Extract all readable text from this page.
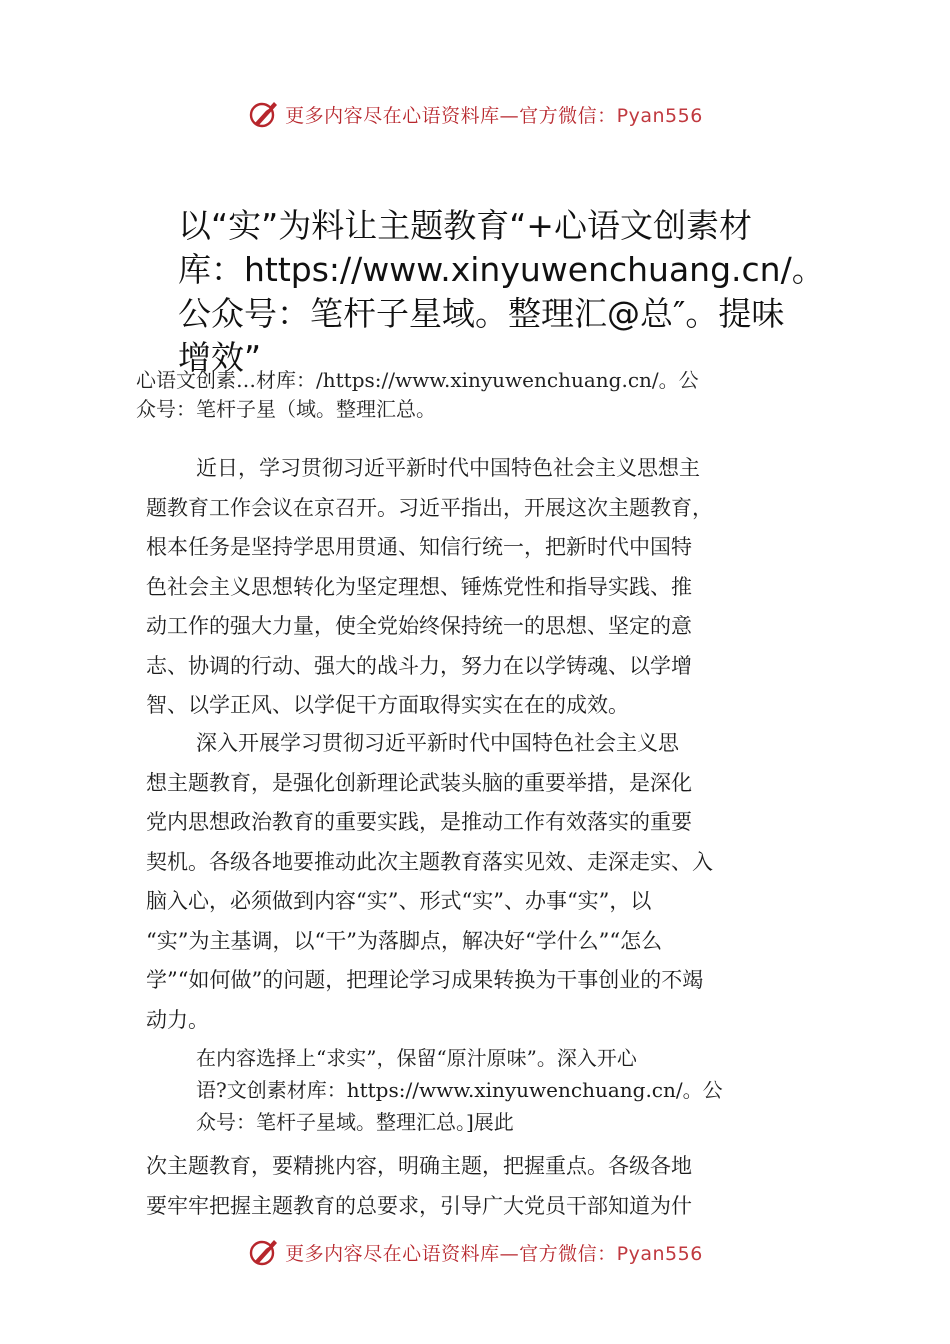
更多内容尽在心语资料库—官方微信：Pyan556
以“实”为料让主题教育“+心语文创素材
库：https://www.xinyuwenchuang.cn/。
公众号：笔杆子星域。整理汇@总″。提味
增效”

心语文创素…材库：/https://www.xinyuwenchuang.cn/。公
众号：笔杆子星（域。整理汇总。

近日，学习贯彻习近平新时代中国特色社会主义思想主
题教育工作会议在京召开。习近平指出，开展这次主题教育，
根本任务是坚持学思用贯通、知信行统一，把新时代中国特
色社会主义思想转化为坚定理想、锤炼党性和指导实践、推
动工作的强大力量，使全党始终保持统一的思想、坚定的意
志、协调的行动、强大的战斗力，努力在以学铸魂、以学增
智、以学正风、以学促干方面取得实实在在的成效。

深入开展学习贯彻习近平新时代中国特色社会主义思
想主题教育，是强化创新理论武装头脑的重要举措，是深化
党内思想政治教育的重要实践，是推动工作有效落实的重要
契机。各级各地要推动此次主题教育落实见效、走深走实、入
脑入心，必须做到内容“实”、形式“实”、办事“实”，以
“实”为主基调，以“干”为落脚点，解决好“学什么”“怎么
学”“如何做”的问题，把理论学习成果转换为干事创业的不竭
动力。

在内容选择上“求实”，保留“原汁原味”。深入开心
语?文创素材库：https://www.xinyuwenchuang.cn/。公
众号：笔杆子星域。整理汇总。]展此

次主题教育，要精挑内容，明确主题，把握重点。各级各地
要牢牢把握主题教育的总要求，引导广大党员干部知道为什

更多内容尽在心语资料库—官方微信：Pyan556
